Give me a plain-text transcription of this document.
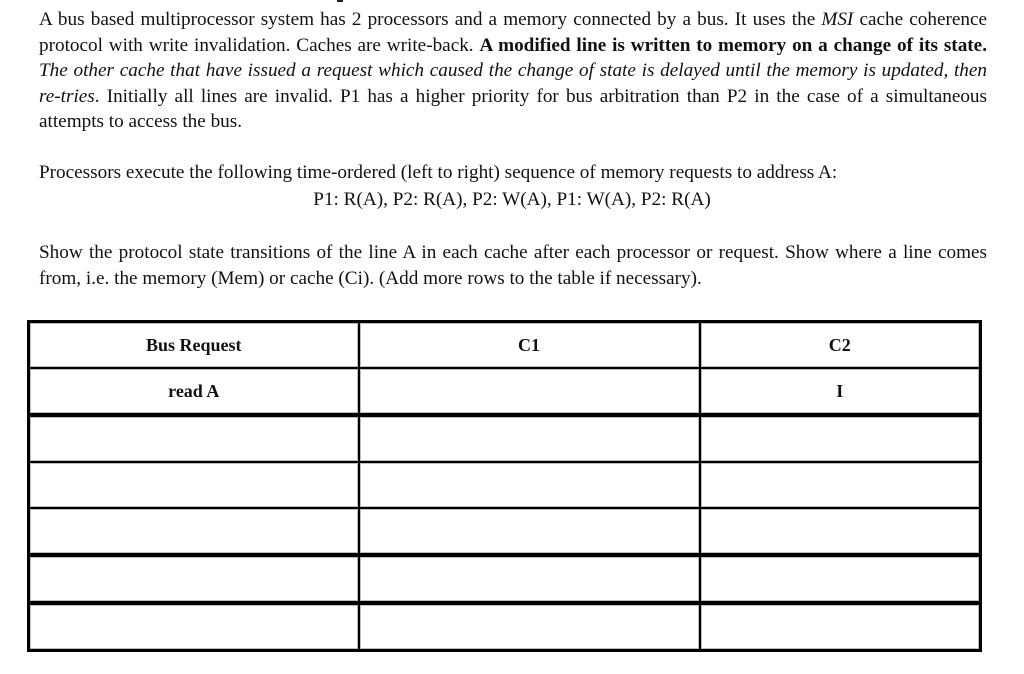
A bus based multiprocessor system has 2 processors and a memory connected by a bus. It uses the MSI cache coherence protocol with write invalidation. Caches are write-back. A modified line is written to memory on a change of its state. The other cache that have issued a request which caused the change of state is delayed until the memory is updated, then re-tries. Initially all lines are invalid. P1 has a higher priority for bus arbitration than P2 in the case of a simultaneous attempts to access the bus.

Processors execute the following time-ordered (left to right) sequence of memory requests to address A:

P1: R(A), P2: R(A), P2: W(A), P1: W(A), P2: R(A)

Show the protocol state transitions of the line A in each cache after each processor or request. Show where a line comes from, i.e. the memory (Mem) or cache (Ci). (Add more rows to the table if necessary).

Bus Request	C1	C2
read A		I
